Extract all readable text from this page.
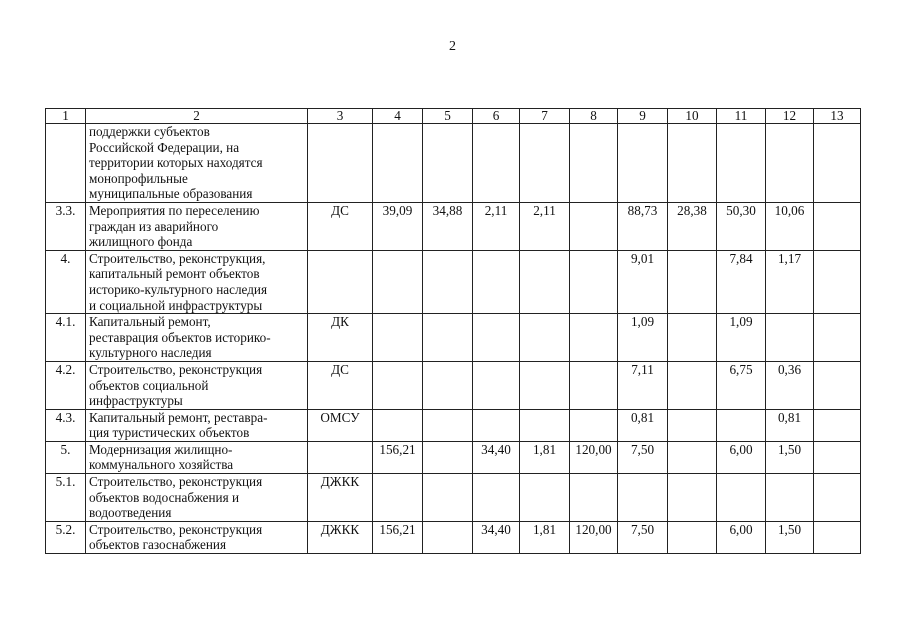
2
1	2	3	4	5	6	7	8	9	10	11	12	13
	поддержки субъектов
Российской Федерации, на
территории которых находятся
монопрофильные
муниципальные образования											
3.3.	Мероприятия по переселению
граждан из аварийного
жилищного фонда	ДС	39,09	34,88	2,11	2,11		88,73	28,38	50,30	10,06	
4.	Строительство, реконструкция,
капитальный ремонт объектов
историко-культурного наследия
и социальной инфраструктуры							9,01		7,84	1,17	
4.1.	Капитальный ремонт,
реставрация объектов историко-
культурного наследия	ДК						1,09		1,09		
4.2.	Строительство, реконструкция
объектов социальной
инфраструктуры	ДС						7,11		6,75	0,36	
4.3.	Капитальный ремонт, реставра-
ция туристических объектов	ОМСУ						0,81			0,81	
5.	Модернизация жилищно-
коммунального хозяйства		156,21		34,40	1,81	120,00	7,50		6,00	1,50	
5.1.	Строительство, реконструкция
объектов водоснабжения и
водоотведения	ДЖКК										
5.2.	Строительство, реконструкция
объектов газоснабжения	ДЖКК	156,21		34,40	1,81	120,00	7,50		6,00	1,50	
